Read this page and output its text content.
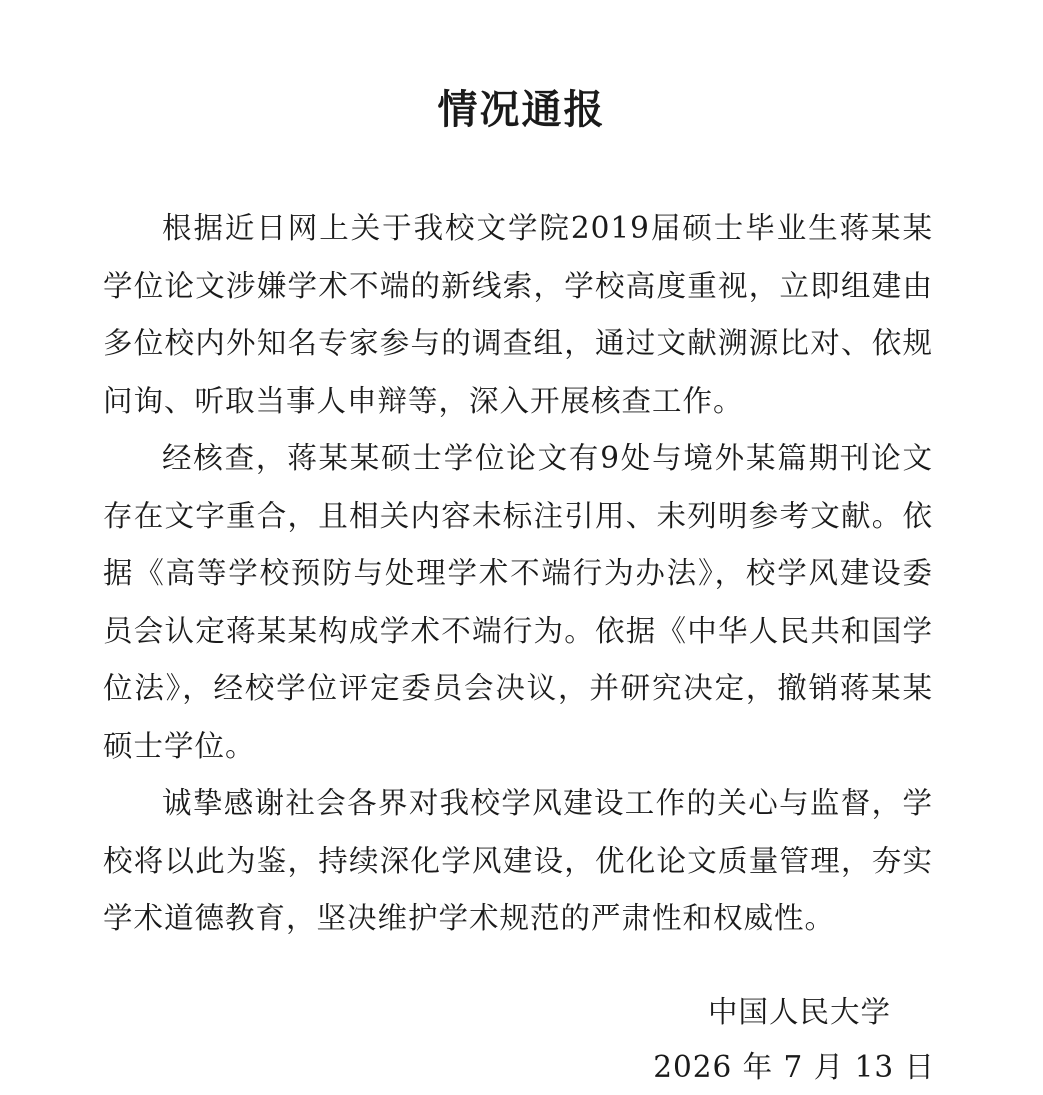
情况通报

根据近日网上关于我校文学院2019届硕士毕业生蒋某某学位论文涉嫌学术不端的新线索，学校高度重视，立即组建由多位校内外知名专家参与的调查组，通过文献溯源比对、依规问询、听取当事人申辩等，深入开展核查工作。

经核查，蒋某某硕士学位论文有9处与境外某篇期刊论文存在文字重合，且相关内容未标注引用、未列明参考文献。依据《高等学校预防与处理学术不端行为办法》，校学风建设委员会认定蒋某某构成学术不端行为。依据《中华人民共和国学位法》，经校学位评定委员会决议，并研究决定，撤销蒋某某硕士学位。

诚挚感谢社会各界对我校学风建设工作的关心与监督，学校将以此为鉴，持续深化学风建设，优化论文质量管理，夯实学术道德教育，坚决维护学术规范的严肃性和权威性。

中国人民大学
2026 年 7 月 13 日
